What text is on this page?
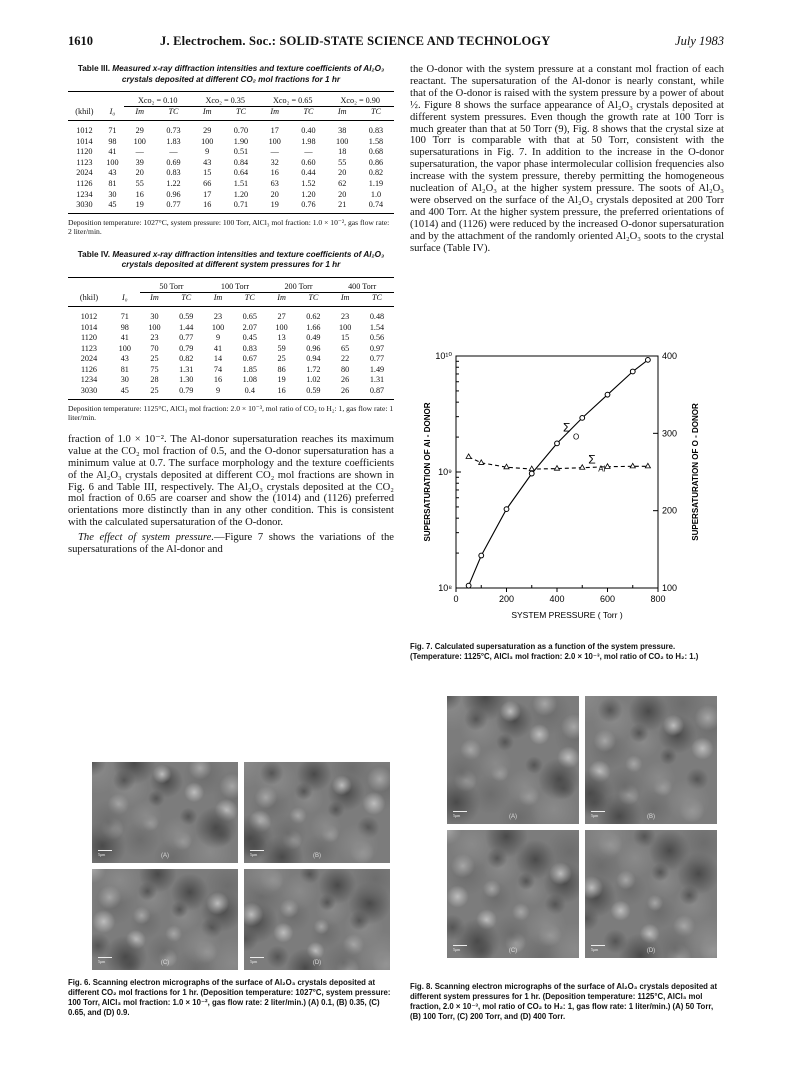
1610	J. Electrochem. Soc.: SOLID-STATE SCIENCE AND TECHNOLOGY	July 1983
Table III. Measured x-ray diffraction intensities and texture coefficients of Al₂O₃ crystals deposited at different CO₂ mol fractions for 1 hr

		Xco₂ = 0.10		Xco₂ = 0.35		Xco₂ = 0.65		Xco₂ = 0.90	
(khil)	I₀	Im	TC	Im	TC	Im	TC	Im	TC

1012	71	29	0.73	29	0.70	17	0.40	38	0.83
1014	98	100	1.83	100	1.90	100	1.98	100	1.58
1120	41	—	—	9	0.51	—	—	18	0.68
1123	100	39	0.69	43	0.84	32	0.60	55	0.86
2024	43	20	0.83	15	0.64	16	0.44	20	0.82
1126	81	55	1.22	66	1.51	63	1.52	62	1.19
1234	30	16	0.96	17	1.20	20	1.20	20	1.0
3030	45	19	0.77	16	0.71	19	0.76	21	0.74

Deposition temperature: 1027°C, system pressure: 100 Torr, AlCl₃ mol fraction: 1.0 × 10⁻², gas flow rate: 2 liter/min.
Table IV. Measured x-ray diffraction intensities and texture coefficients of Al₂O₃ crystals deposited at different system pressures for 1 hr

		50 Torr		100 Torr		200 Torr		400 Torr	
(hkil)	I₀	Im	TC	Im	TC	Im	TC	Im	TC

1012	71	30	0.59	23	0.65	27	0.62	23	0.48
1014	98	100	1.44	100	2.07	100	1.66	100	1.54
1120	41	23	0.77	9	0.45	13	0.49	15	0.56
1123	100	70	0.79	41	0.83	59	0.96	65	0.97
2024	43	25	0.82	14	0.67	25	0.94	22	0.77
1126	81	75	1.31	74	1.85	86	1.72	80	1.49
1234	30	28	1.30	16	1.08	19	1.02	26	1.31
3030	45	25	0.79	9	0.4	16	0.59	26	0.87

Deposition temperature: 1125°C, AlCl₃ mol fraction: 2.0 × 10⁻³, mol ratio of CO₂ to H₂: 1, gas flow rate: 1 liter/min.

fraction of 1.0 × 10⁻². The Al-donor supersaturation reaches its maximum value at the CO₂ mol fraction of 0.5, and the O-donor supersaturation has a minimum value at 0.7. The surface morphology and the texture coefficients of the Al₂O₃ crystals deposited at different CO₂ mol fractions are shown in Fig. 6 and Table III, respectively. The Al₂O₃ crystals deposited at the CO₂ mol fraction of 0.65 are coarser and show the (1014) and (1126) preferred orientations more distinctly than in any other condition. This is consistent with the calculated supersaturation of the O-donor.

The effect of system pressure.—Figure 7 shows the variations of the supersaturations of the Al-donor and

5μm	(A)	5μm	(B)
5μm	(C)	5μm	(D)
Fig. 6. Scanning electron micrographs of the surface of Al₂O₃ crystals deposited at different CO₂ mol fractions for 1 hr. (Deposition temperature: 1027°C, system pressure: 100 Torr, AlCl₃ mol fraction: 1.0 × 10⁻², gas flow rate: 2 liter/min.) (A) 0.1, (B) 0.35, (C) 0.65, and (D) 0.9.

the O-donor with the system pressure at a constant mol fraction of each reactant. The supersaturation of the Al-donor is nearly constant, while that of the O-donor is raised with the system pressure by a power of about ½. Figure 8 shows the surface appearance of Al₂O₃ crystals deposited at different system pressures. Even though the growth rate at 100 Torr is much greater than that at 50 Torr (9), Fig. 8 shows that the crystal size at 100 Torr is comparable with that at 50 Torr, consistent with the supersaturations in Fig. 7. In addition to the increase in the O-donor supersaturation, the vapor phase intermolecular collision frequencies also increase with the system pressure, thereby permitting the homogeneous nucleation of Al₂O₃ at the higher system pressure. The soots of Al₂O₃ were observed on the surface of the Al₂O₃ crystals deposited at 200 Torr and 400 Torr. At the higher system pressure, the preferred orientations of (1014) and (1126) were reduced by the increased O-donor supersaturation and by the attachment of the randomly oriented Al₂O₃ soots to the crystal surface (Table IV).

0	200	400	600	800
10⁸
10⁹
10¹⁰
100
200
300
400
SYSTEM PRESSURE ( Torr )
SUPERSATURATION OF Al - DONOR	SUPERSATURATION OF O - DONOR
Σ
O
Σ
Al
Fig. 7. Calculated supersaturation as a function of the system pressure. (Temperature: 1125°C, AlCl₃ mol fraction: 2.0 × 10⁻³, mol ratio of CO₂ to H₂: 1.)
5μm	(A)	5μm	(B)
5μm	(C)	5μm	(D)
Fig. 8. Scanning electron micrographs of the surface of Al₂O₃ crystals deposited at different system pressures for 1 hr. (Deposition temperature: 1125°C, AlCl₃ mol fraction, 2.0 × 10⁻³, mol ratio of CO₂ to H₂: 1, gas flow rate: 1 liter/min.) (A) 50 Torr, (B) 100 Torr, (C) 200 Torr, and (D) 400 Torr.
